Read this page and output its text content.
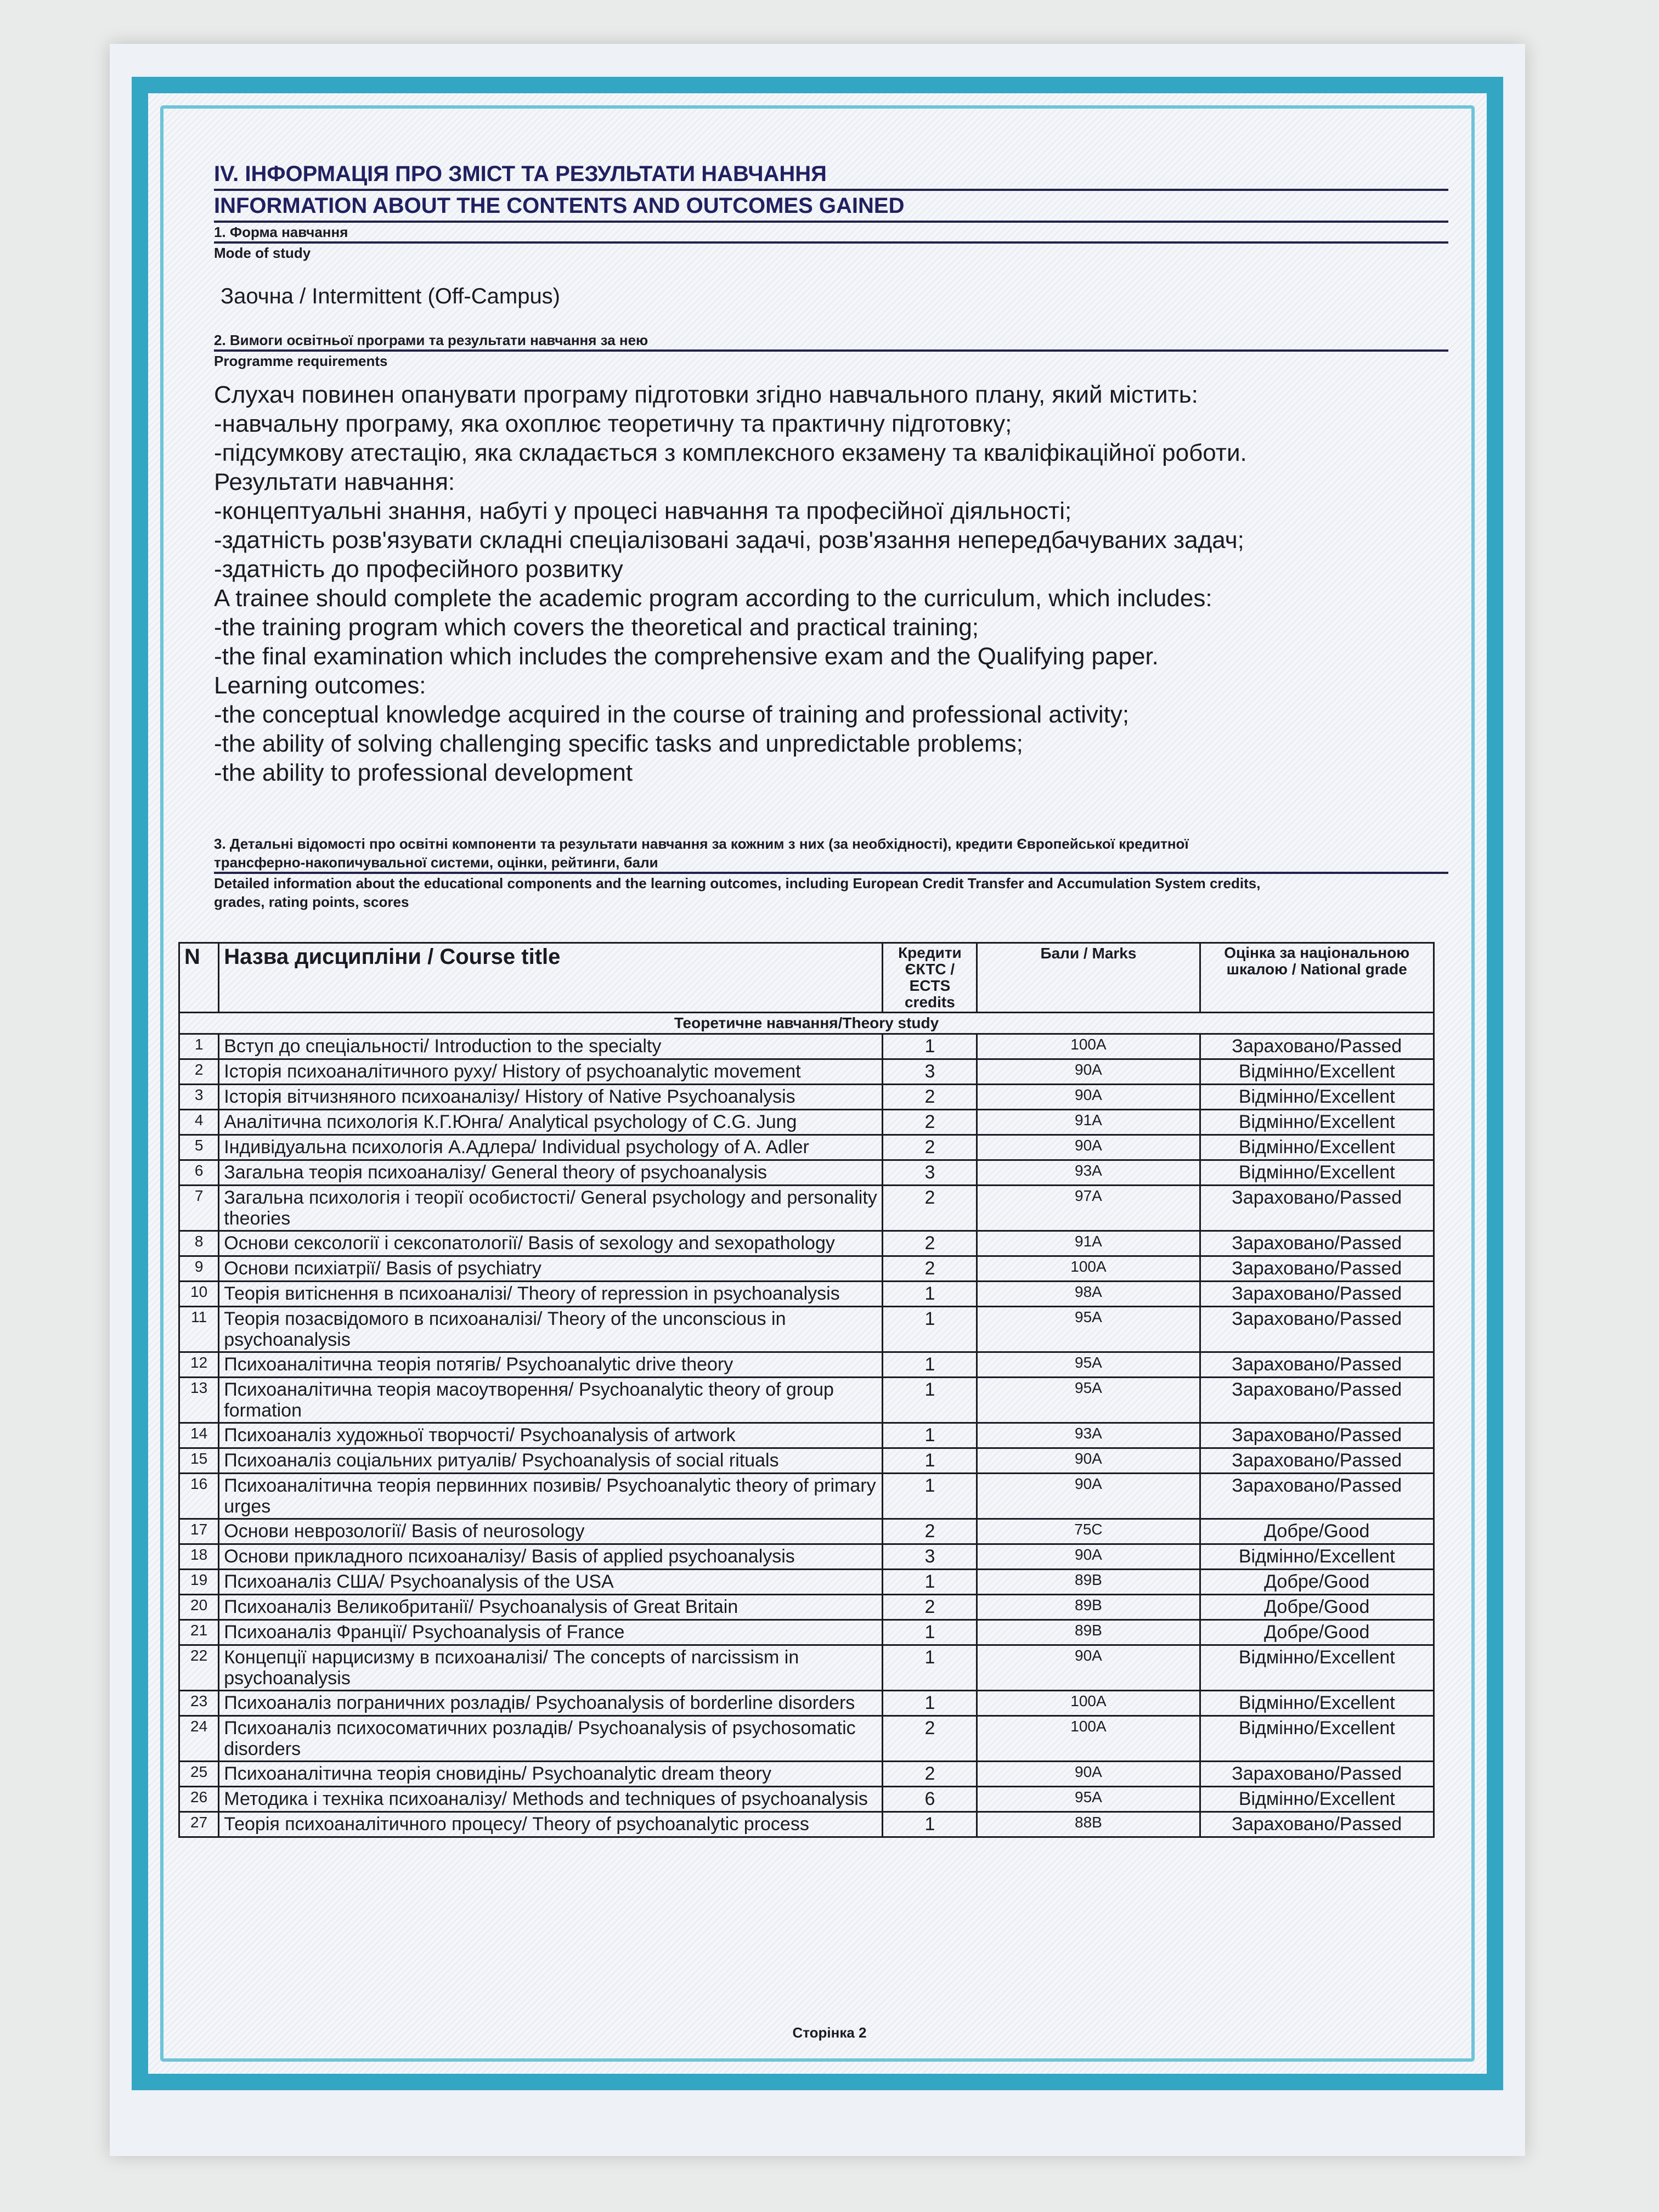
IV. ІНФОРМАЦІЯ ПРО ЗМІСТ ТА РЕЗУЛЬТАТИ НАВЧАННЯ
INFORMATION ABOUT THE CONTENTS AND OUTCOMES GAINED
1. Форма навчання
Mode of study
Заочна / Intermittent (Off-Campus)
2. Вимоги освітньої програми та результати навчання за нею
Programme requirements
Слухач повинен опанувати програму підготовки згідно навчального плану, який містить:
-навчальну програму, яка охоплює теоретичну та практичну підготовку;
-підсумкову атестацію, яка складається з комплексного екзамену та кваліфікаційної роботи.
Результати навчання:
-концептуальні знання, набуті у процесі навчання та професійної діяльності;
-здатність розв'язувати складні спеціалізовані задачі, розв'язання непередбачуваних задач;
-здатність до професійного розвитку
A trainee should complete the academic program according to the curriculum, which includes:
-the training program which covers the theoretical and practical training;
-the final examination which includes the comprehensive exam and the Qualifying paper.
Learning outcomes:
-the conceptual knowledge acquired in the course of training and professional activity;
-the ability of solving challenging specific tasks and unpredictable problems;
-the ability to professional development
3. Детальні відомості про освітні компоненти та результати навчання за кожним з них (за необхідності), кредити Європейської кредитної
трансферно-накопичувальної системи, оцінки, рейтинги, бали
Detailed information about the educational components and the learning outcomes, including European Credit Transfer and Accumulation System credits,
grades, rating points, scores
N	Назва дисципліни / Course title	Кредити ЄКТС / ECTS credits	Бали / Marks	Оцінка за національною шкалою / National grade
Теоретичне навчання/Theory study				
1	Вступ до спеціальності/ Introduction to the specialty	1	100A	Зараховано/Passed
2	Історія психоаналітичного руху/ History of psychoanalytic movement	3	90A	Відмінно/Excellent
3	Історія вітчизняного психоаналізу/ History of Native Psychoanalysis	2	90A	Відмінно/Excellent
4	Аналітична психологія К.Г.Юнга/ Analytical psychology of C.G. Jung	2	91A	Відмінно/Excellent
5	Індивідуальна психологія А.Адлера/ Individual psychology of A. Adler	2	90A	Відмінно/Excellent
6	Загальна теорія психоаналізу/ General theory of psychoanalysis	3	93A	Відмінно/Excellent
7	Загальна психологія і теорії особистості/ General psychology and personality theories	2	97A	Зараховано/Passed
8	Основи сексології і сексопатології/ Basis of sexology and sexopathology	2	91A	Зараховано/Passed
9	Основи психіатрії/ Basis of psychiatry	2	100A	Зараховано/Passed
10	Теорія витіснення в психоаналізі/ Theory of repression in psychoanalysis	1	98A	Зараховано/Passed
11	Теорія позасвідомого в психоаналізі/ Theory of the unconscious in psychoanalysis	1	95A	Зараховано/Passed
12	Психоаналітична теорія потягів/ Psychoanalytic drive theory	1	95A	Зараховано/Passed
13	Психоаналітична теорія масоутворення/ Psychoanalytic theory of group formation	1	95A	Зараховано/Passed
14	Психоаналіз художньої творчості/ Psychoanalysis of artwork	1	93A	Зараховано/Passed
15	Психоаналіз соціальних ритуалів/ Psychoanalysis of social rituals	1	90A	Зараховано/Passed
16	Психоаналітична теорія первинних позивів/ Psychoanalytic theory of primary urges	1	90A	Зараховано/Passed
17	Основи неврозології/ Basis of neurosology	2	75C	Добре/Good
18	Основи прикладного психоаналізу/ Basis of applied psychoanalysis	3	90A	Відмінно/Excellent
19	Психоаналіз США/ Psychoanalysis of the USA	1	89B	Добре/Good
20	Психоаналіз Великобританії/ Psychoanalysis of Great Britain	2	89B	Добре/Good
21	Психоаналіз Франції/ Psychoanalysis of France	1	89B	Добре/Good
22	Концепції нарцисизму в психоаналізі/ The concepts of narcissism in psychoanalysis	1	90A	Відмінно/Excellent
23	Психоаналіз пограничних розладів/ Psychoanalysis of borderline disorders	1	100A	Відмінно/Excellent
24	Психоаналіз психосоматичних розладів/ Psychoanalysis of psychosomatic disorders	2	100A	Відмінно/Excellent
25	Психоаналітична теорія сновидінь/ Psychoanalytic dream theory	2	90A	Зараховано/Passed
26	Методика і техніка психоаналізу/ Methods and techniques of psychoanalysis	6	95A	Відмінно/Excellent
27	Теорія психоаналітичного процесу/ Theory of psychoanalytic process	1	88B	Зараховано/Passed
Сторінка 2
